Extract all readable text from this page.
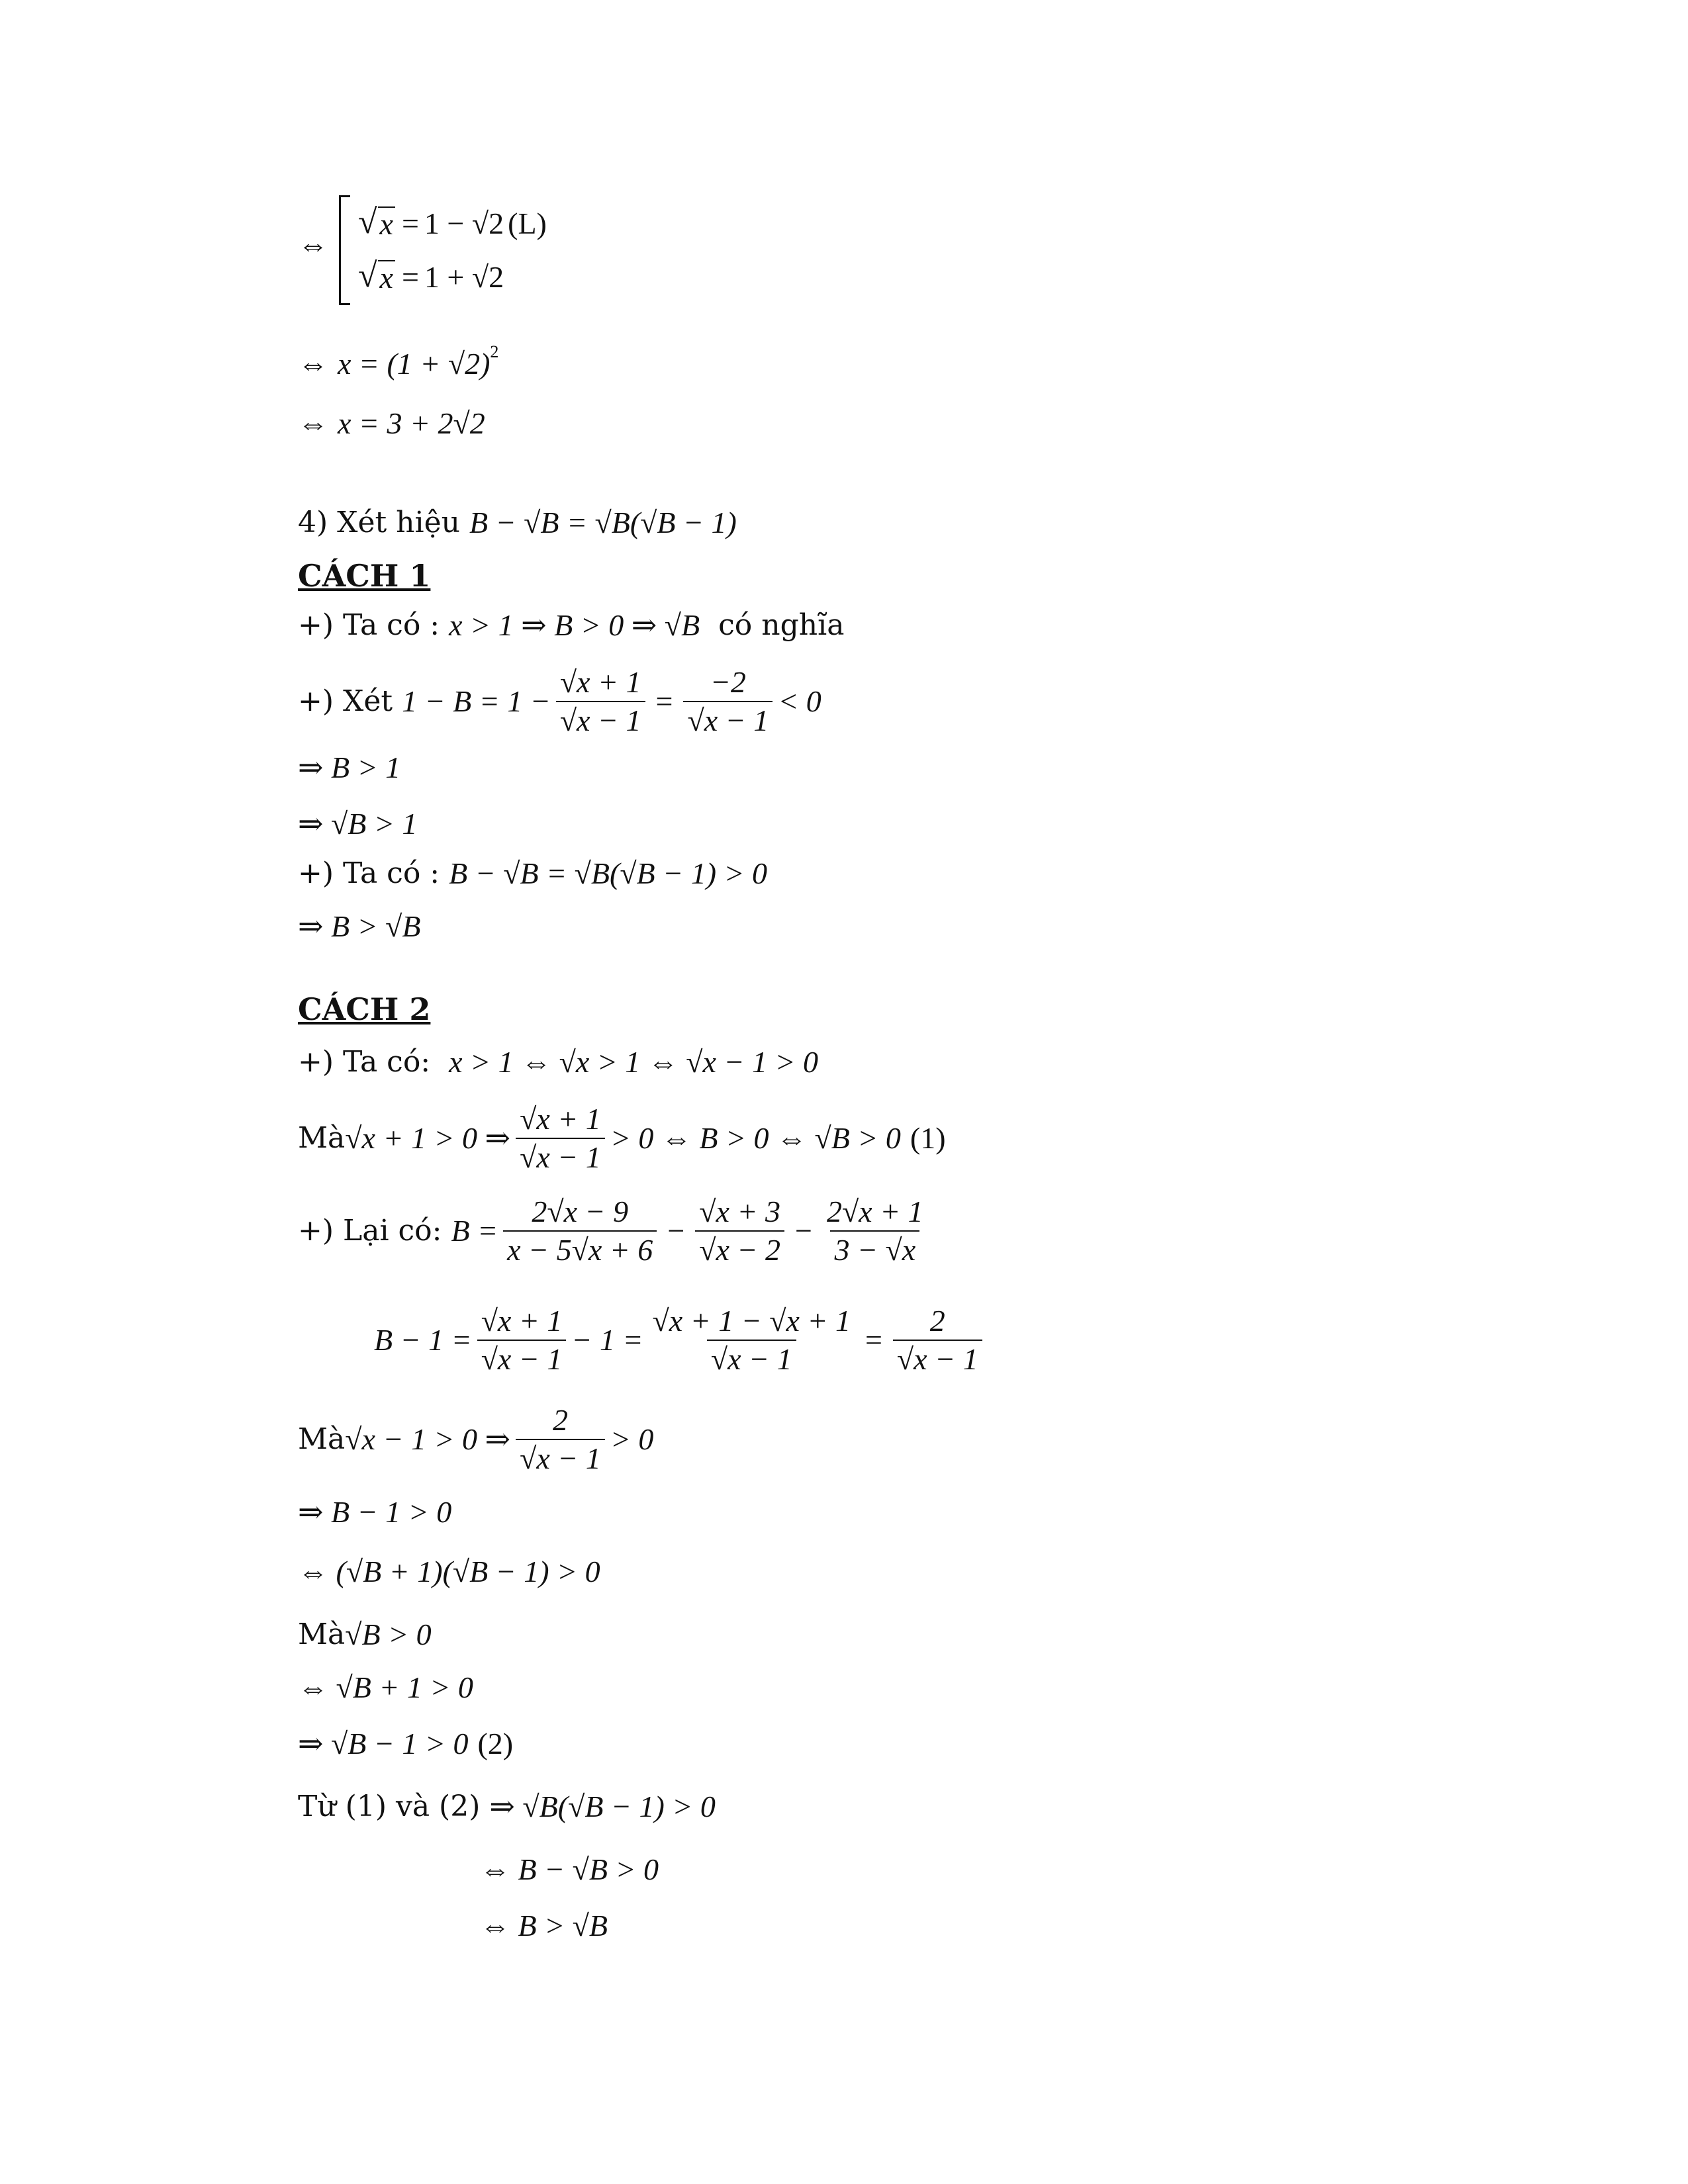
⇔
√ x = 1 − √2 (L)
√ x = 1 + √2
⇔ $x = (1 + √2)^2$
⇔ x = 3 + 2√2
4) Xét hiệu B − √B = √B(√B − 1)
CÁCH 1
+) Ta có : x > 1 ⇒ B > 0 ⇒ √B có nghĩa
+) Xét $1 - B = 1 - \frac{√x + 1}{√x - 1} = \frac{-2}{√x - 1} < 0$
⇒ B > 1
⇒ √B > 1
+) Ta có : B − √B = √B(√B − 1) > 0
⇒ B > √B
CÁCH 2
+) Ta có: x > 1 ⇔ √x > 1 ⇔ √x − 1 > 0
Mà √x + 1 > 0 ⇒ $\frac{√x + 1}{√x - 1} > 0$ ⇔ B > 0 ⇔ √B > 0 (1)
+) Lại có: $B = \frac{2√x - 9}{x - 5√x + 6} - \frac{√x + 3}{√x - 2} - \frac{2√x + 1}{3 - √x}$
$B - 1 = \frac{√x + 1}{√x - 1} - 1 = \frac{√x + 1 - √x + 1}{√x - 1} = \frac{2}{√x - 1}$
Mà √x − 1 > 0 ⇒ $\frac{2}{√x - 1} > 0$
⇒ B − 1 > 0
⇔ (√B + 1)(√B − 1) > 0
Mà √B > 0
⇔ √B + 1 > 0
⇒ √B − 1 > 0 (2)
Từ (1) và (2) ⇒ √B(√B − 1) > 0
⇔ B − √B > 0
⇔ B > √B
